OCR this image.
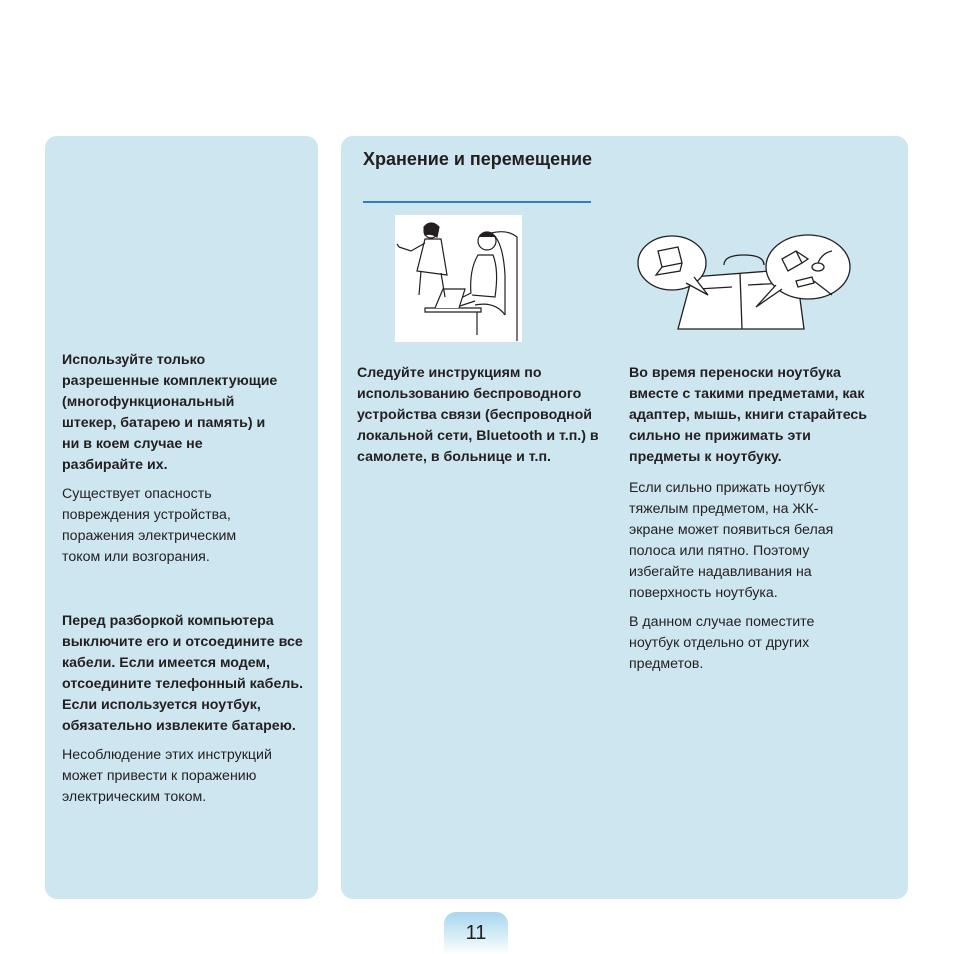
Хранение и перемещение

Используйте только разрешенные комплектующие (многофункциональный штекер, батарею и память) и ни в коем случае не разбирайте их.

Существует опасность повреждения устройства, поражения электрическим током или возгорания.

Перед разборкой компьютера выключите его и отсоедините все кабели. Если имеется модем, отсоедините телефонный кабель. Если используется ноутбук, обязательно извлеките батарею.

Несоблюдение этих инструкций может привести к поражению электрическим током.

Следуйте инструкциям по использованию беспроводного устройства связи (беспроводной локальной сети, Bluetooth и т.п.) в самолете, в больнице и т.п.

Во время переноски ноутбука вместе с такими предметами, как адаптер, мышь, книги старайтесь сильно не прижимать эти предметы к ноутбуку.

Если сильно прижать ноутбук тяжелым предметом, на ЖК-экране может появиться белая полоса или пятно. Поэтому избегайте надавливания на поверхность ноутбука.

В данном случае поместите ноутбук отдельно от других предметов.

11
